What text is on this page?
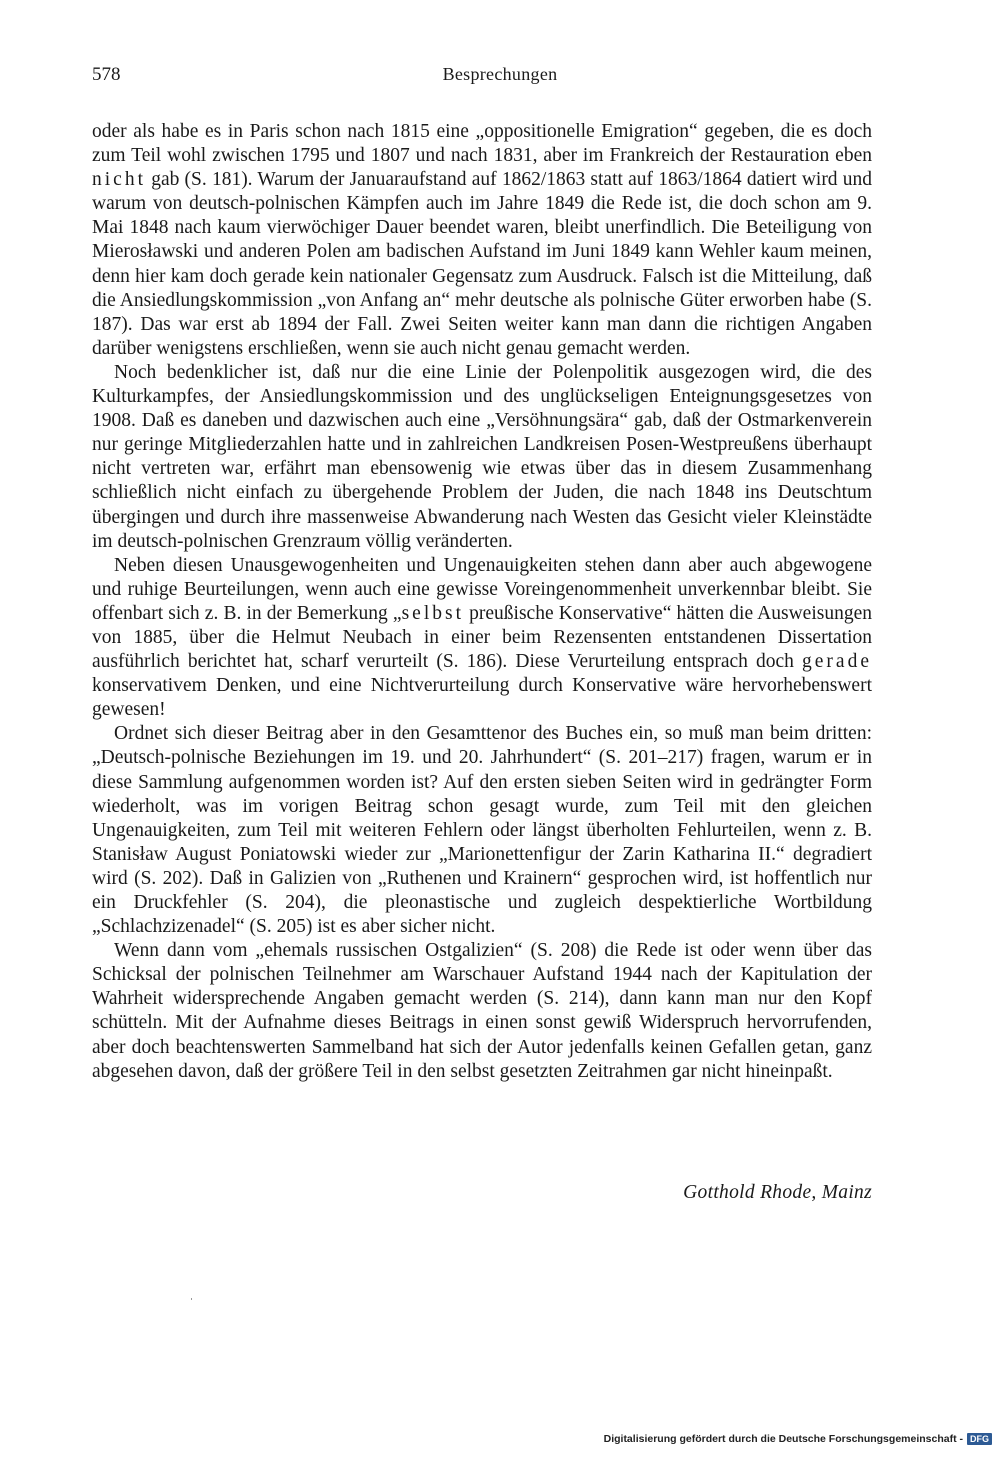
578	Besprechungen

oder als habe es in Paris schon nach 1815 eine „oppositionelle Emigration“ gegeben, die es doch zum Teil wohl zwischen 1795 und 1807 und nach 1831, aber im Frankreich der Restauration eben nicht gab (S. 181). Warum der Januaraufstand auf 1862/1863 statt auf 1863/1864 datiert wird und warum von deutsch-polnischen Kämpfen auch im Jahre 1849 die Rede ist, die doch schon am 9. Mai 1848 nach kaum vierwöchiger Dauer beendet waren, bleibt unerfindlich. Die Beteiligung von Mierosławski und anderen Polen am badischen Aufstand im Juni 1849 kann Wehler kaum meinen, denn hier kam doch gerade kein nationaler Gegensatz zum Ausdruck. Falsch ist die Mitteilung, daß die Ansiedlungskommission „von Anfang an“ mehr deutsche als polnische Güter erworben habe (S. 187). Das war erst ab 1894 der Fall. Zwei Seiten weiter kann man dann die richtigen Angaben darüber wenigstens erschließen, wenn sie auch nicht genau gemacht werden.

Noch bedenklicher ist, daß nur die eine Linie der Polenpolitik ausgezogen wird, die des Kulturkampfes, der Ansiedlungskommission und des unglückseligen Enteignungsgesetzes von 1908. Daß es daneben und dazwischen auch eine „Versöhnungsära“ gab, daß der Ostmarkenverein nur geringe Mitgliederzahlen hatte und in zahlreichen Landkreisen Posen-Westpreußens überhaupt nicht vertreten war, erfährt man ebensowenig wie etwas über das in diesem Zusammenhang schließlich nicht einfach zu übergehende Problem der Juden, die nach 1848 ins Deutschtum übergingen und durch ihre massenweise Abwanderung nach Westen das Gesicht vieler Kleinstädte im deutsch-polnischen Grenzraum völlig veränderten.

Neben diesen Unausgewogenheiten und Ungenauigkeiten stehen dann aber auch abgewogene und ruhige Beurteilungen, wenn auch eine gewisse Voreingenommenheit unverkennbar bleibt. Sie offenbart sich z. B. in der Bemerkung „selbst preußische Konservative“ hätten die Ausweisungen von 1885, über die Helmut Neubach in einer beim Rezensenten entstandenen Dissertation ausführlich berichtet hat, scharf verurteilt (S. 186). Diese Verurteilung entsprach doch gerade konservativem Denken, und eine Nichtverurteilung durch Konservative wäre hervorhebenswert gewesen!

Ordnet sich dieser Beitrag aber in den Gesamttenor des Buches ein, so muß man beim dritten: „Deutsch-polnische Beziehungen im 19. und 20. Jahrhundert“ (S. 201–217) fragen, warum er in diese Sammlung aufgenommen worden ist? Auf den ersten sieben Seiten wird in gedrängter Form wiederholt, was im vorigen Beitrag schon gesagt wurde, zum Teil mit den gleichen Ungenauigkeiten, zum Teil mit weiteren Fehlern oder längst überholten Fehlurteilen, wenn z. B. Stanisław August Poniatowski wieder zur „Marionettenfigur der Zarin Katharina II.“ degradiert wird (S. 202). Daß in Galizien von „Ruthenen und Krainern“ gesprochen wird, ist hoffentlich nur ein Druckfehler (S. 204), die pleonastische und zugleich despektierliche Wortbildung „Schlachzizenadel“ (S. 205) ist es aber sicher nicht.

Wenn dann vom „ehemals russischen Ostgalizien“ (S. 208) die Rede ist oder wenn über das Schicksal der polnischen Teilnehmer am Warschauer Aufstand 1944 nach der Kapitulation der Wahrheit widersprechende Angaben gemacht werden (S. 214), dann kann man nur den Kopf schütteln. Mit der Aufnahme dieses Beitrags in einen sonst gewiß Widerspruch hervorrufenden, aber doch beachtenswerten Sammelband hat sich der Autor jedenfalls keinen Gefallen getan, ganz abgesehen davon, daß der größere Teil in den selbst gesetzten Zeitrahmen gar nicht hineinpaßt.

Gotthold Rhode, Mainz
Digitalisierung gefördert durch die Deutsche Forschungsgemeinschaft - DFG
